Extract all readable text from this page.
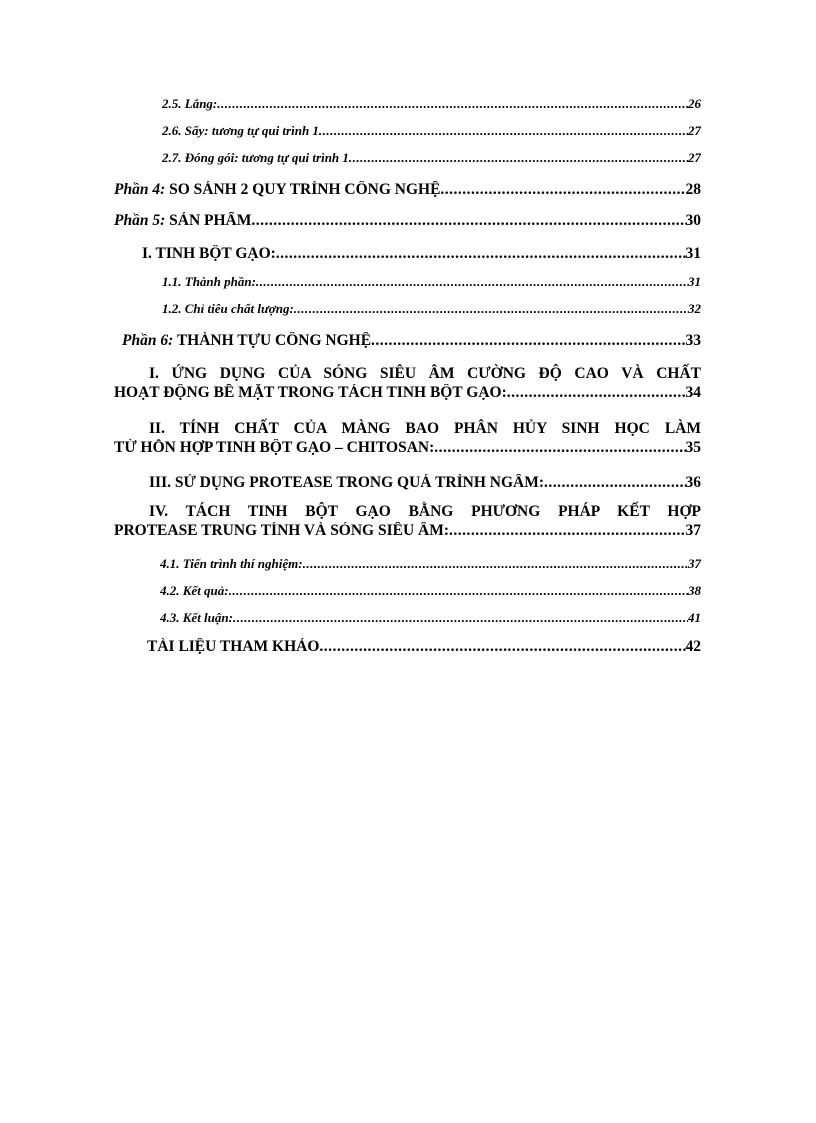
2.5. Lắng: .....	26
2.6. Sấy: tương tự qui trình 1 .....	27
2.7. Đóng gói: tương tự qui trình 1 .....	27
Phần 4: SO SÁNH 2 QUY TRÌNH CÔNG NGHỆ .....	28
Phần 5: SẢN PHẨM .....	30
I. TINH BỘT GẠO: .....	31
1.1. Thành phần: .....	31
1.2. Chỉ tiêu chất lượng: .....	32
Phần 6: THÀNH TỰU CÔNG NGHỆ .....	33
I. ỨNG DỤNG CỦA SÓNG SIÊU ÂM CƯỜNG ĐỘ CAO VÀ CHẤT
HOẠT ĐỘNG BỀ MẶT TRONG TÁCH TINH BỘT GẠO: .....	34
II. TÍNH CHẤT CỦA MÀNG BAO PHÂN HỦY SINH HỌC LÀM
TỪ HỖN HỢP TINH BỘT GẠO – CHITOSAN: .....	35
III. SỬ DỤNG PROTEASE TRONG QUÁ TRÌNH NGÂM: .....	36
IV. TÁCH TINH BỘT GẠO BẰNG PHƯƠNG PHÁP KẾT HỢP
PROTEASE TRUNG TÍNH VÀ SÓNG SIÊU ÂM: .....	37
4.1. Tiến trình thí nghiệm: .....	37
4.2. Kết quả: .....	38
4.3. Kết luận: .....	41
TÀI LIỆU THAM KHẢO .....	42
